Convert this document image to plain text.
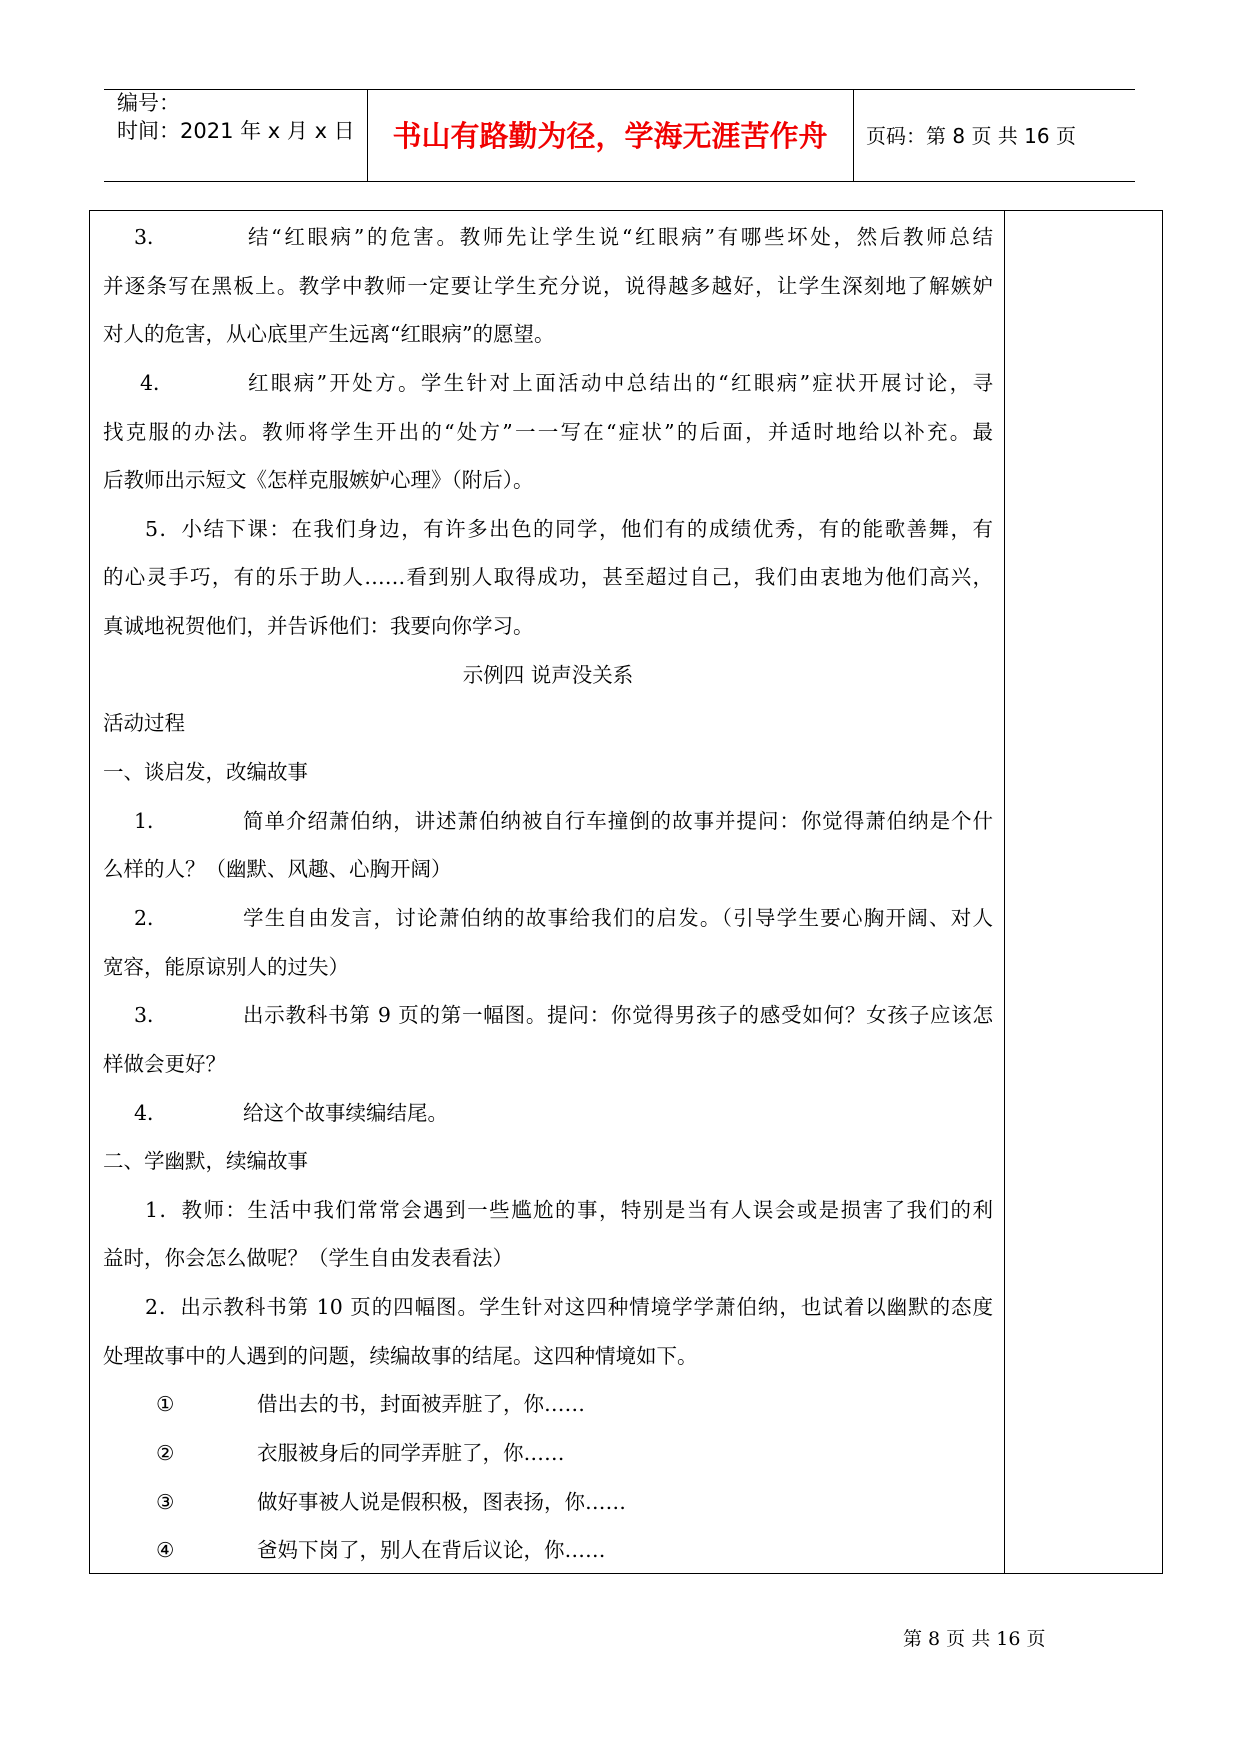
编号：
时间：2021 年 x 月 x 日	书山有路勤为径，学海无涯苦作舟	页码：第 8 页 共 16 页
3．	结“红眼病”的危害。教师先让学生说“红眼病”有哪些坏处，然后教师总结
并逐条写在黑板上。教学中教师一定要让学生充分说，说得越多越好，让学生深刻地了解嫉妒
对人的危害，从心底里产生远离“红眼病”的愿望。
4．	红眼病”开处方。学生针对上面活动中总结出的“红眼病”症状开展讨论，寻
找克服的办法。教师将学生开出的“处方”一一写在“症状”的后面，并适时地给以补充。最
后教师出示短文《怎样克服嫉妒心理》（附后）。
5．小结下课：在我们身边，有许多出色的同学，他们有的成绩优秀，有的能歌善舞，有
的心灵手巧，有的乐于助人……看到别人取得成功，甚至超过自己，我们由衷地为他们高兴，
真诚地祝贺他们，并告诉他们：我要向你学习。
示例四 说声没关系
活动过程
一、谈启发，改编故事
1．	简单介绍萧伯纳，讲述萧伯纳被自行车撞倒的故事并提问：你觉得萧伯纳是个什
么样的人？（幽默、风趣、心胸开阔）
2．	学生自由发言，讨论萧伯纳的故事给我们的启发。（引导学生要心胸开阔、对人
宽容，能原谅别人的过失）
3．	出示教科书第 9 页的第一幅图。提问：你觉得男孩子的感受如何？女孩子应该怎
样做会更好？
4．	给这个故事续编结尾。
二、学幽默，续编故事
1．教师：生活中我们常常会遇到一些尴尬的事，特别是当有人误会或是损害了我们的利
益时，你会怎么做呢？（学生自由发表看法）
2．出示教科书第 10 页的四幅图。学生针对这四种情境学学萧伯纳，也试着以幽默的态度
处理故事中的人遇到的问题，续编故事的结尾。这四种情境如下。
①	借出去的书，封面被弄脏了，你……
②	衣服被身后的同学弄脏了，你……
③	做好事被人说是假积极，图表扬，你……
④	爸妈下岗了，别人在背后议论，你……
第 8 页 共 16 页
